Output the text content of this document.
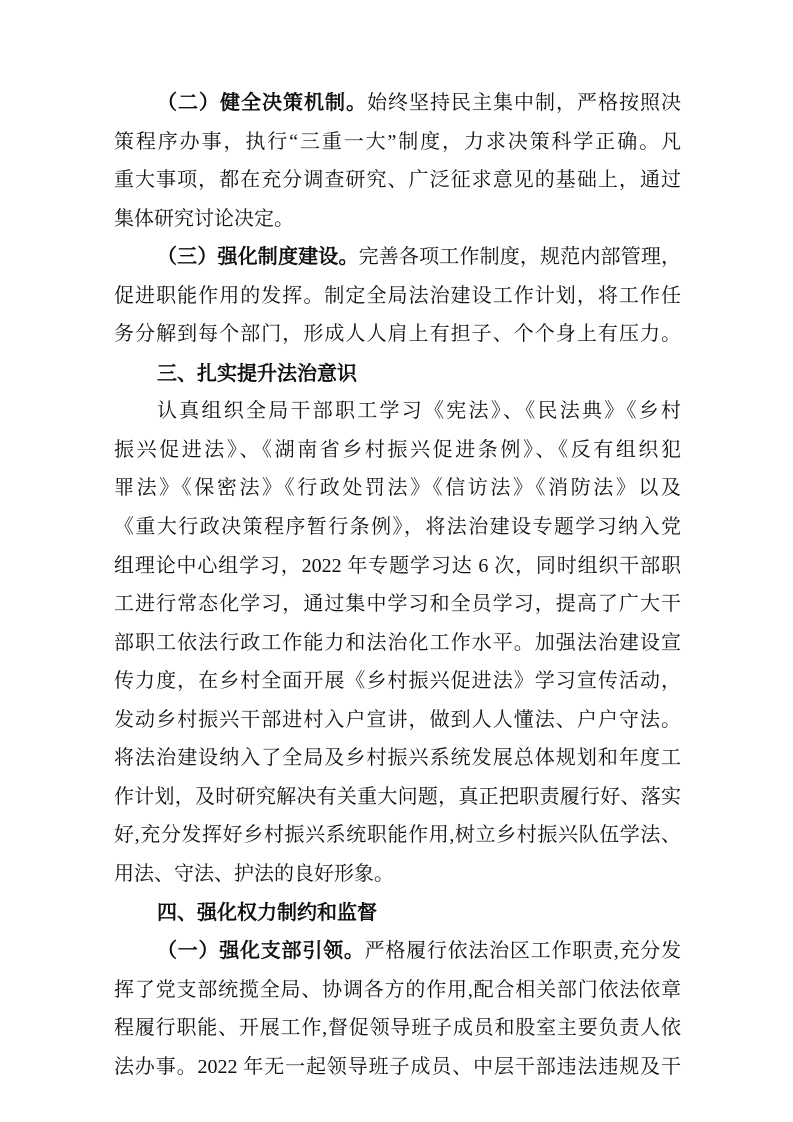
（二）健全决策机制。始终坚持民主集中制，严格按照决
策程序办事，执行“三重一大”制度，力求决策科学正确。凡
重大事项，都在充分调查研究、广泛征求意见的基础上，通过
集体研究讨论决定。
（三）强化制度建设。完善各项工作制度，规范内部管理，
促进职能作用的发挥。制定全局法治建设工作计划，将工作任
务分解到每个部门，形成人人肩上有担子、个个身上有压力。
三、扎实提升法治意识
认真组织全局干部职工学习《宪法》、《民法典》《乡村
振兴促进法》、《湖南省乡村振兴促进条例》、《反有组织犯
罪法》《保密法》《行政处罚法》《信访法》《消防法》以及
《重大行政决策程序暂行条例》，将法治建设专题学习纳入党
组理论中心组学习，2022 年专题学习达 6 次，同时组织干部职
工进行常态化学习，通过集中学习和全员学习，提高了广大干
部职工依法行政工作能力和法治化工作水平。加强法治建设宣
传力度，在乡村全面开展《乡村振兴促进法》学习宣传活动，
发动乡村振兴干部进村入户宣讲，做到人人懂法、户户守法。
将法治建设纳入了全局及乡村振兴系统发展总体规划和年度工
作计划，及时研究解决有关重大问题，真正把职责履行好、落实
好,充分发挥好乡村振兴系统职能作用,树立乡村振兴队伍学法、
用法、守法、护法的良好形象。
四、强化权力制约和监督
（一）强化支部引领。严格履行依法治区工作职责,充分发
挥了党支部统揽全局、协调各方的作用,配合相关部门依法依章
程履行职能、开展工作,督促领导班子成员和股室主要负责人依
法办事。2022 年无一起领导班子成员、中层干部违法违规及干
